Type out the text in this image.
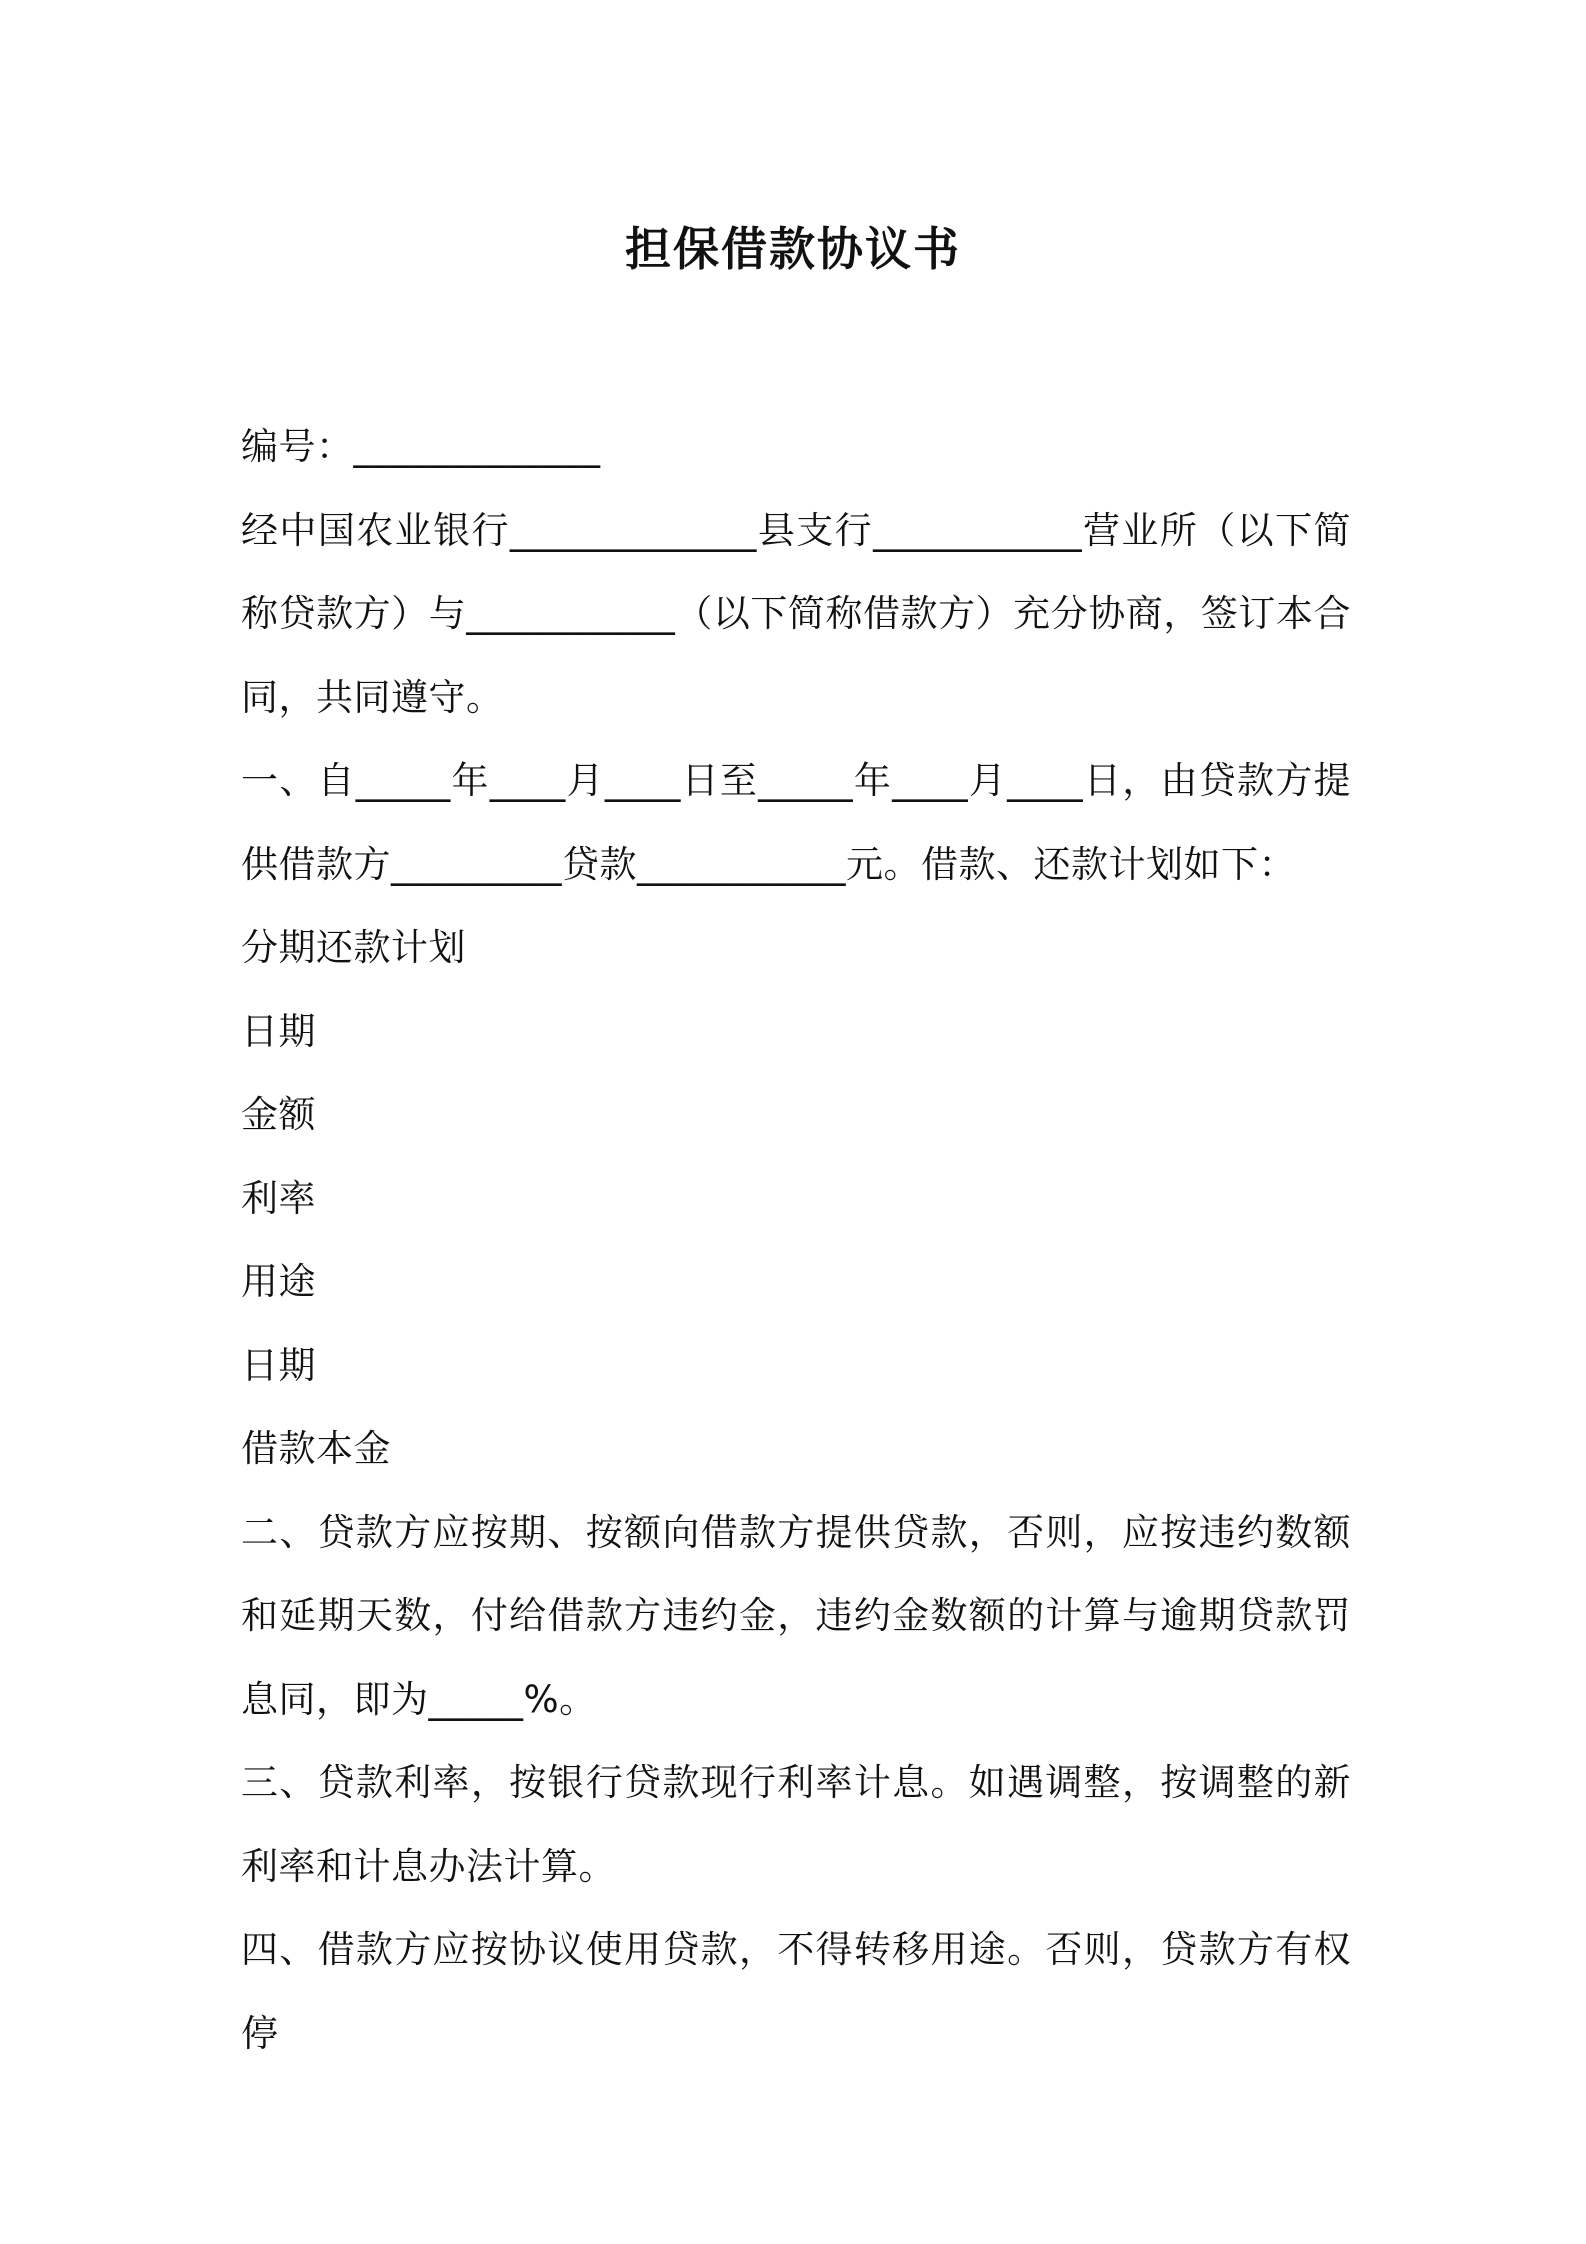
担保借款协议书

编号：_____________

经中国农业银行_____________县支行___________营业所（以下简称贷款方）与___________（以下简称借款方）充分协商，签订本合同，共同遵守。

一、自_____年____月____日至_____年____月____日，由贷款方提供借款方_________贷款___________元。借款、还款计划如下：

分期还款计划

日期

金额

利率

用途

日期

借款本金

二、贷款方应按期、按额向借款方提供贷款，否则，应按违约数额和延期天数，付给借款方违约金，违约金数额的计算与逾期贷款罚息同，即为_____%。

三、贷款利率，按银行贷款现行利率计息。如遇调整，按调整的新利率和计息办法计算。

四、借款方应按协议使用贷款，不得转移用途。否则，贷款方有权停
